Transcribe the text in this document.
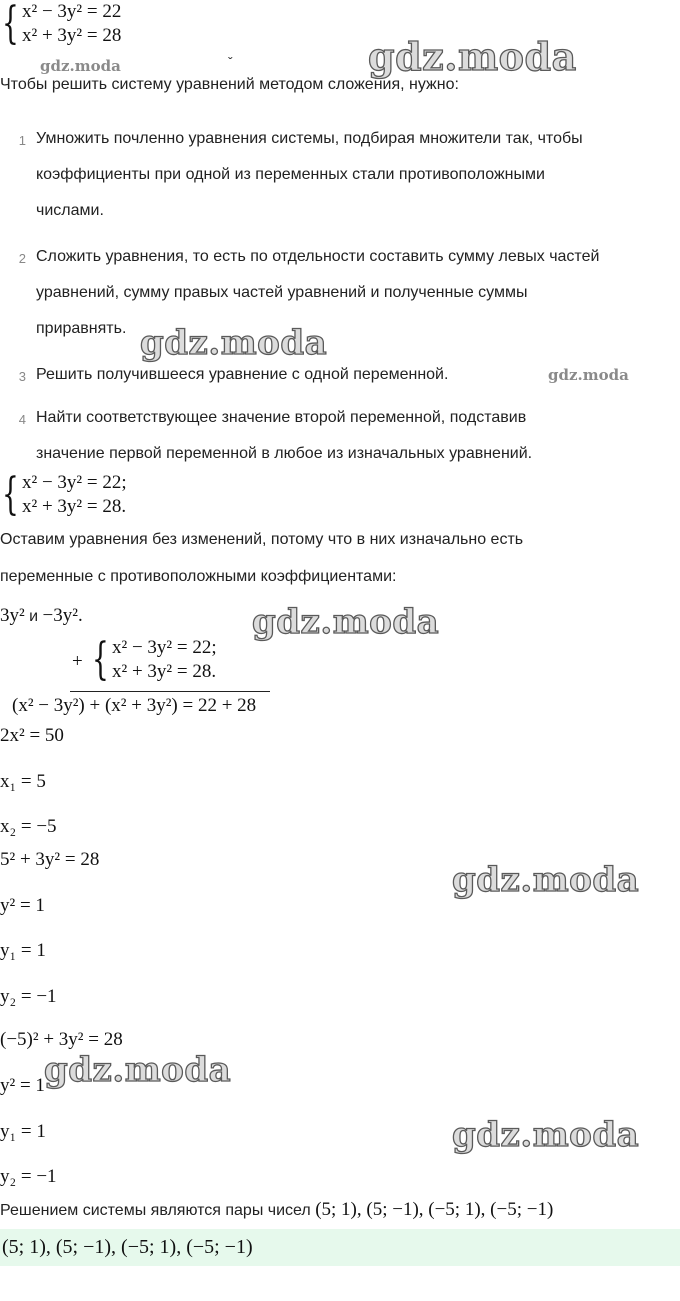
{ x² − 3y² = 22
x² + 3y² = 28
gdz.moda	ˇ	gdz.moda
Чтобы решить систему уравнений методом сложения, нужно:
1 Умножить почленно уравнения системы, подбирая множители так, чтобы
коэффициенты при одной из переменных стали противоположными
числами.
2 Сложить уравнения, то есть по отдельности составить сумму левых частей
уравнений, сумму правых частей уравнений и полученные суммы
приравнять.
3 Решить получившееся уравнение с одной переменной.
4 Найти соответствующее значение второй переменной, подставив
значение первой переменной в любое из изначальных уравнений.
gdz.moda
gdz.moda
{ x² − 3y² = 22;
x² + 3y² = 28.
Оставим уравнения без изменений, потому что в них изначально есть
переменные с противоположными коэффициентами:
3y² и −3y².	gdz.moda
+ { x² − 3y² = 22;
x² + 3y² = 28.
(x² − 3y²) + (x² + 3y²) = 22 + 28
2x² = 50
x₁ = 5
x₂ = −5
5² + 3y² = 28
y² = 1
y₁ = 1
y₂ = −1
(−5)² + 3y² = 28
y² = 1
y₁ = 1
y₂ = −1
gdz.moda
gdz.moda
gdz.moda
Решением системы являются пары чисел (5; 1), (5; −1), (−5; 1), (−5; −1)
(5; 1), (5; −1), (−5; 1), (−5; −1)
